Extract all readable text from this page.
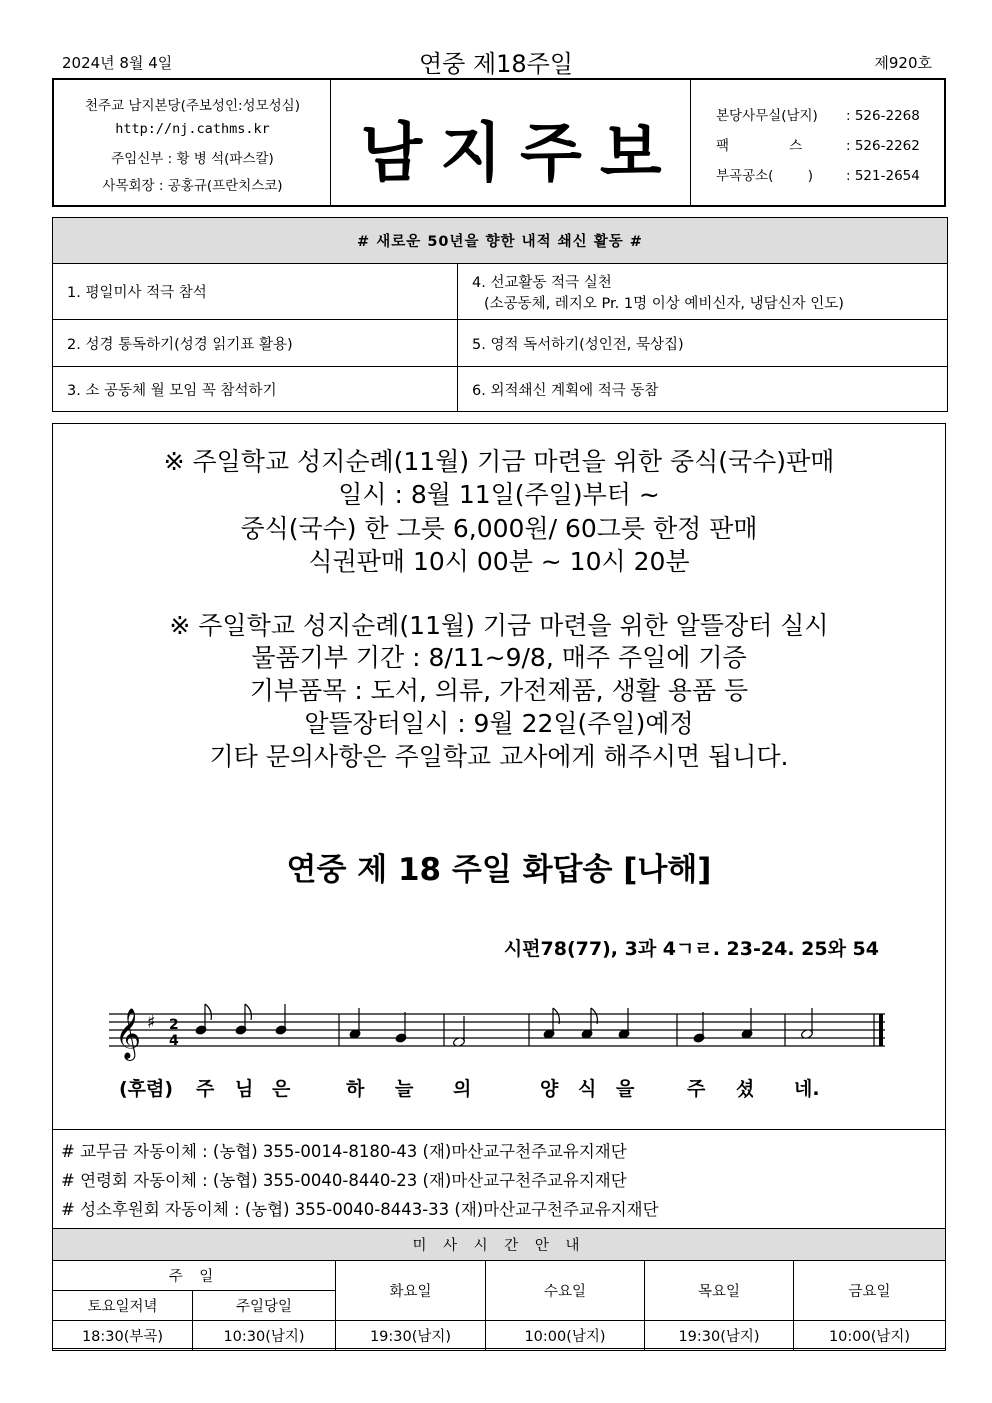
2024년 8월 4일	연중 제18주일	제920호
천주교 남지본당(주보성인:성모성심)
http://nj.cathms.kr
주임신부 : 황 병 석(파스칼)
사목회장 : 공홍규(프란치스코)	남지주보	본당사무실(남지) : 526-2268
팩              스	: 526-2262
부곡공소(        ) : 521-2654
# 새로운 50년을 향한 내적 쇄신 활동 #	
1. 평일미사 적극 참석	4. 선교활동 적극 실천
(소공동체, 레지오 Pr. 1명 이상 예비신자, 냉담신자 인도)

2. 성경 통독하기(성경 읽기표 활용)	5. 영적 독서하기(성인전, 묵상집)
3. 소 공동체 월 모임 꼭 참석하기	6. 외적쇄신 계획에 적극 동참
※ 주일학교 성지순례(11월) 기금 마련을 위한 중식(국수)판매
일시 : 8월 11일(주일)부터 ~
중식(국수) 한 그릇 6,000원/ 60그릇 한정 판매
식권판매 10시 00분 ~ 10시 20분
※ 주일학교 성지순례(11월) 기금 마련을 위한 알뜰장터 실시
물품기부 기간 : 8/11~9/8, 매주 주일에 기증
기부품목 : 도서, 의류, 가전제품, 생활 용품 등
알뜰장터일시 : 9월 22일(주일)예정
기타 문의사항은 주일학교 교사에게 해주시면 됩니다.
연중 제 18 주일 화답송 [나해]
시편78(77), 3과 4ㄱㄹ. 23-24. 25와 54
𝄞 ♯ 2
4
(후렴) 주 님 은	하 늘 의	양 식 을	주 셨 네.
# 교무금 자동이체 : (농협) 355-0014-8180-43 (재)마산교구천주교유지재단
# 연령회 자동이체 : (농협) 355-0040-8440-23 (재)마산교구천주교유지재단
# 성소후원회 자동이체 : (농협) 355-0040-8443-33 (재)마산교구천주교유지재단
미 사 시 간 안 내					
주 일		화요일	수요일	목요일	금요일
토요일저녁	주일당일				
18:30(부곡)	10:30(남지)	19:30(남지)	10:00(남지)	19:30(남지)	10:00(남지)
